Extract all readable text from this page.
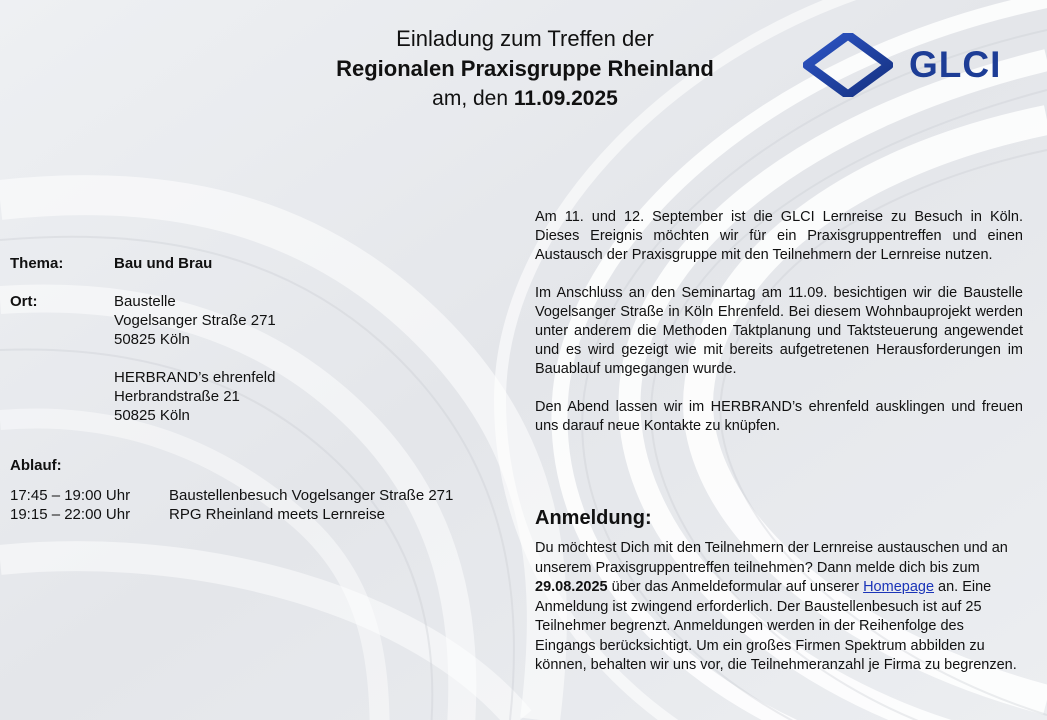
Einladung zum Treffen der
Regionalen Praxisgruppe Rheinland
am, den 11.09.2025
GLCI
Thema:	Bau und Brau
Ort:	Baustelle
Vogelsanger Straße 271
50825 Köln
HERBRAND’s ehrenfeld
Herbrandstraße 21
50825 Köln
Ablauf:
17:45 – 19:00 Uhr	Baustellenbesuch Vogelsanger Straße 271
19:15 – 22:00 Uhr	RPG Rheinland meets Lernreise

Am 11. und 12. September ist die GLCI Lernreise zu Besuch in Köln. Dieses Ereignis möchten wir für ein Praxisgruppentreffen und einen Austausch der Praxisgruppe mit den Teilnehmern der Lernreise nutzen.

Im Anschluss an den Seminartag am 11.09. besichtigen wir die Baustelle Vogelsanger Straße in Köln Ehrenfeld. Bei diesem Wohnbauprojekt werden unter anderem die Methoden Taktplanung und Taktsteuerung angewendet und es wird gezeigt wie mit bereits aufgetretenen Herausforderungen im Bauablauf umgegangen wurde.

Den Abend lassen wir im HERBRAND’s ehrenfeld ausklingen und freuen uns darauf neue Kontakte zu knüpfen.

Anmeldung:
Du möchtest Dich mit den Teilnehmern der Lernreise austauschen und an unserem Praxisgruppentreffen teilnehmen? Dann melde dich bis zum 29.08.2025 über das Anmeldeformular auf unserer Homepage an. Eine Anmeldung ist zwingend erforderlich. Der Baustellenbesuch ist auf 25 Teilnehmer begrenzt. Anmeldungen werden in der Reihenfolge des Eingangs berücksichtigt. Um ein großes Firmen Spektrum abbilden zu können, behalten wir uns vor, die Teilnehmeranzahl je Firma zu begrenzen.
